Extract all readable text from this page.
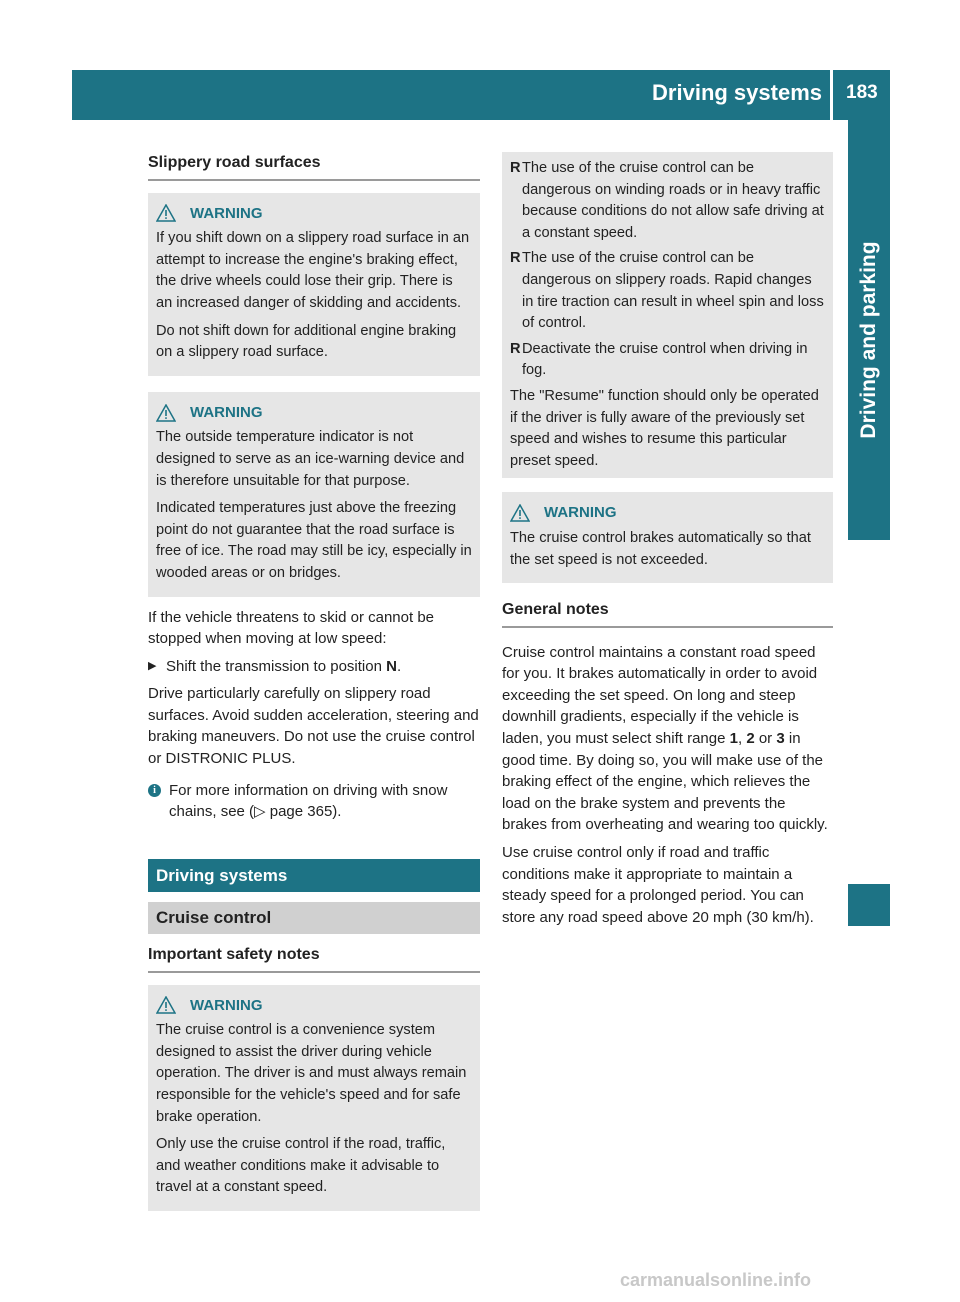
Driving systems 183
Driving and parking
Slippery road surfaces
WARNING

If you shift down on a slippery road surface in an attempt to increase the engine's braking effect, the drive wheels could lose their grip. There is an increased danger of skidding and accidents.

Do not shift down for additional engine braking on a slippery road surface.

WARNING

The outside temperature indicator is not designed to serve as an ice-warning device and is therefore unsuitable for that purpose.

Indicated temperatures just above the freezing point do not guarantee that the road surface is free of ice. The road may still be icy, especially in wooded areas or on bridges.

If the vehicle threatens to skid or cannot be stopped when moving at low speed:

▶ Shift the transmission to position N.

Drive particularly carefully on slippery road surfaces. Avoid sudden acceleration, steering and braking maneuvers. Do not use the cruise control or DISTRONIC PLUS.

i For more information on driving with snow chains, see (▷ page 365).
Driving systems
Cruise control
Important safety notes
WARNING

The cruise control is a convenience system designed to assist the driver during vehicle operation. The driver is and must always remain responsible for the vehicle's speed and for safe brake operation.

Only use the cruise control if the road, traffic, and weather conditions make it advisable to travel at a constant speed.

R The use of the cruise control can be dangerous on winding roads or in heavy traffic because conditions do not allow safe driving at a constant speed.
R The use of the cruise control can be dangerous on slippery roads. Rapid changes in tire traction can result in wheel spin and loss of control.
R Deactivate the cruise control when driving in fog.

The "Resume" function should only be operated if the driver is fully aware of the previously set speed and wishes to resume this particular preset speed.

WARNING

The cruise control brakes automatically so that the set speed is not exceeded.

General notes

Cruise control maintains a constant road speed for you. It brakes automatically in order to avoid exceeding the set speed. On long and steep downhill gradients, especially if the vehicle is laden, you must select shift range 1, 2 or 3 in good time. By doing so, you will make use of the braking effect of the engine, which relieves the load on the brake system and prevents the brakes from overheating and wearing too quickly.

Use cruise control only if road and traffic conditions make it appropriate to maintain a steady speed for a prolonged period. You can store any road speed above 20 mph (30 km/h).

carmanualsonline.info
